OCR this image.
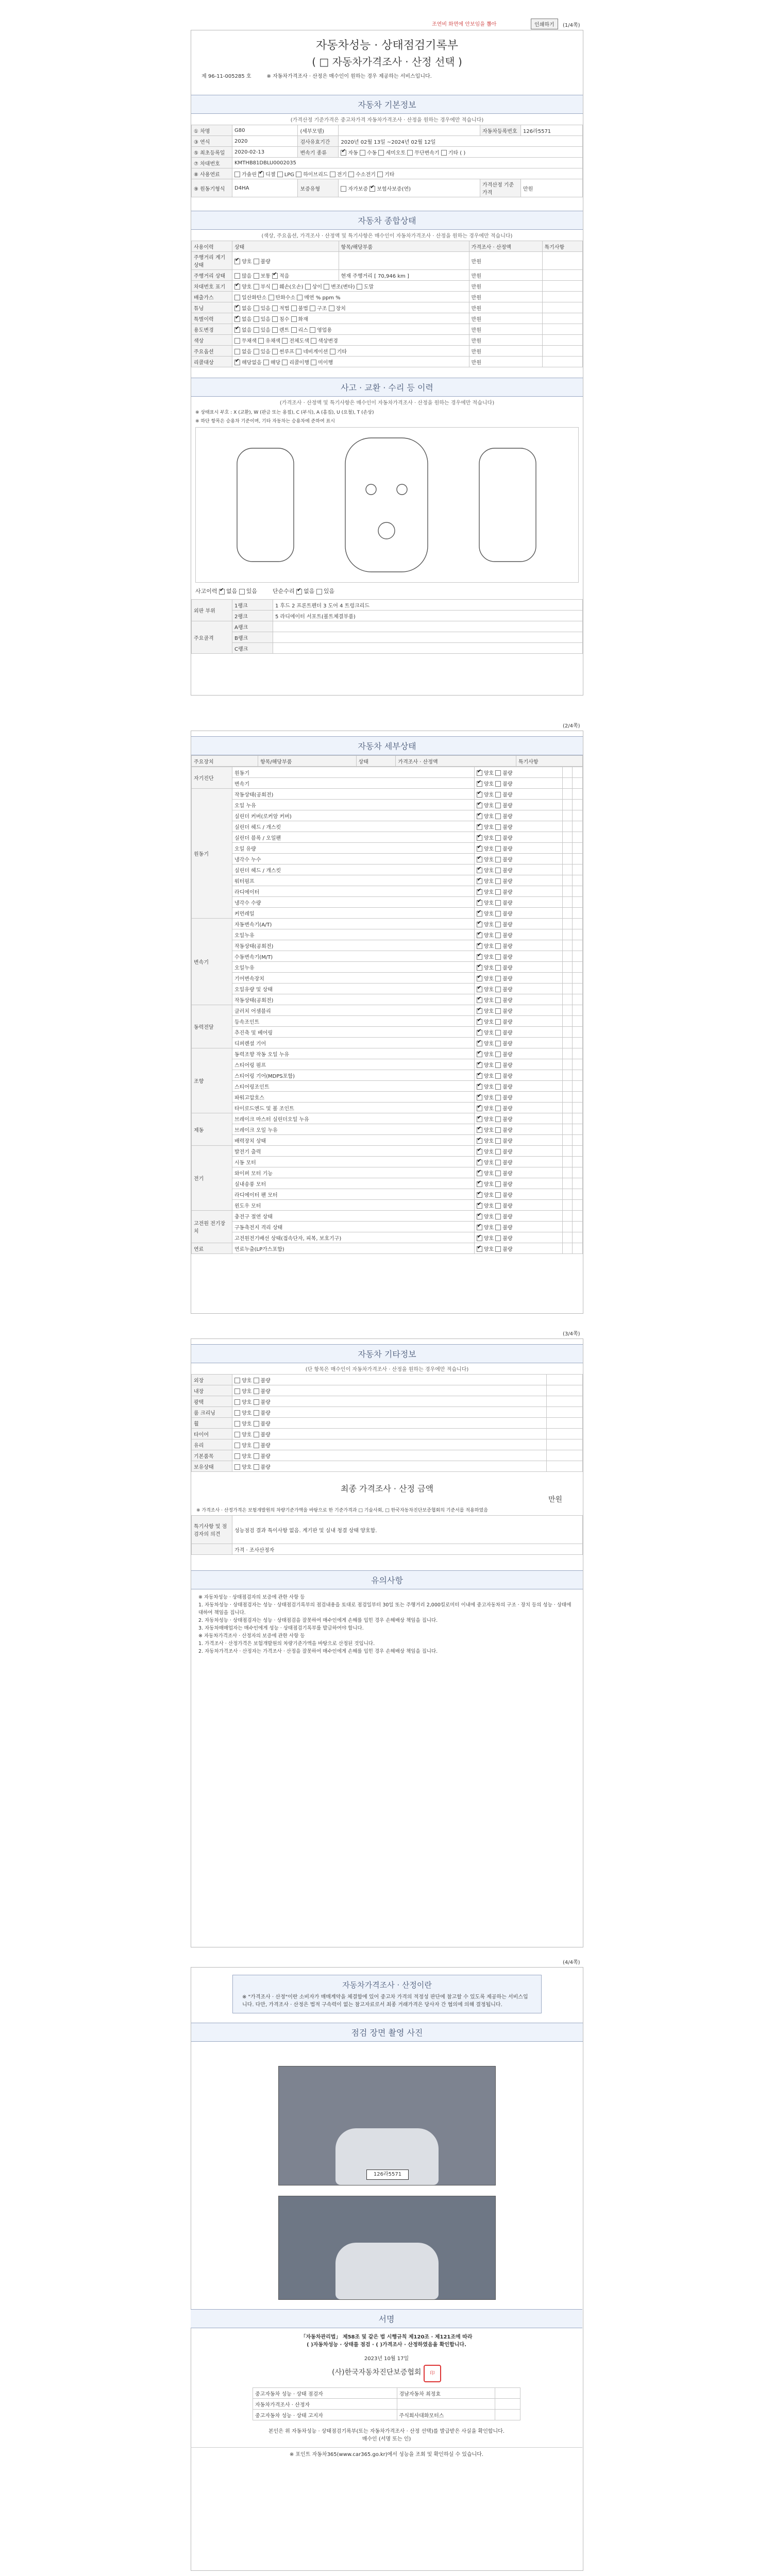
조연비 화면에 안보임을 뽑아	인쇄하기	(1/4쪽)
자동차성능 · 상태점검기록부
( □ 자동차가격조사 · 산정 선택 )
제 96-11-005285 호	※ 자동차가격조사 · 산정은 매수인이 원하는 경우 제공하는 서비스입니다.
자동차 기본정보
(가격산정 기준가격은 중고차가격 자동차가격조사 · 산정을 원하는 경우에만 적습니다)
① 차명	G80	(세부모델)		자동차등록번호	126라5571
③ 연식	2020	검사유효기간	2020년 02월 13일 ~2024년 02월 12일		
⑤ 최초등록일	2020-02-13	변속기 종류	✔자동 수동 세미오토 무단변속기 기타 ( )
⑦ 차대번호	KMTHB81DBLU0002035				
⑧ 사용연료	가솔린 ✔ 디젤 LPG 하이브리드 전기 수소전기 기타
⑨ 원동기형식	D4HA	보증유형	자가보증 ✔ 보험사보증(연)	가격산정 기준가격	만원
자동차 종합상태
(색상, 주요옵션, 가격조사 · 산정액 및 특기사항은 매수인이 자동차가격조사 · 산정을 원하는 경우에만 적습니다)
사용이력	상태	항목/해당부품	가격조사 · 산정액	특기사항
주행거리 계기상태	✔양호 불량		만원	
주행거리 상태	많음 보통 ✔ 적음	현재 주행거리 [ 70,946 km ]	만원	
차대번호 표기	✔양호 부식 훼손(오손) 상이 변조(변타) 도말		만원	
배출가스	일산화탄소 탄화수소 매연 % ppm %		만원	
튜닝	✔없음 있음 적법 불법 구조 장치		만원	
특별이력	✔없음 있음 침수 화재		만원	
용도변경	✔없음 있음 렌트 리스 영업용		만원	
색상	무채색 유채색 전체도색 색상변경		만원	
주요옵션	없음 있음 썬루프 네비게이션 기타		만원	
리콜대상	✔해당없음 해당 리콜이행 미이행		만원	
사고 · 교환 · 수리 등 이력
(가격조사 · 산정액 및 특기사항은 매수인이 자동차가격조사 · 산정을 원하는 경우에만 적습니다)
※ 상태표시 부호 : X (교환), W (판금 또는 용접), C (부식), A (흠집), U (요철), T (손상)
※ 하단 항목은 승용차 기준이며, 기타 자동차는 승용차에 준하여 표시
사고이력 ✔ 없음 있음	단순수리 ✔ 없음 있음
외판 부위	1랭크	1 후드 2 프론트펜더 3 도어 4 트렁크리드
	2랭크	5 라디에이터 서포트(볼트체결부품)
주요골격	A랭크	
	B랭크	
	C랭크	
(2/4쪽)
자동차 세부상태
주요장치	항목/해당부품	상태	가격조사 · 산정액	특기사항
자기진단	원동기	✔양호 불량		
	변속기	✔양호 불량		
원동기	작동상태(공회전)	✔양호 불량		
	오일 누유	✔양호 불량		
	실린더 커버(로커암 커버)	✔양호 불량		
	실린더 헤드 / 개스킷	✔양호 불량		
	실린더 블록 / 오일팬	✔양호 불량		
	오일 유량	✔양호 불량		
	냉각수 누수	✔양호 불량		
	실린더 헤드 / 개스킷	✔양호 불량		
	워터펌프	✔양호 불량		
	라디에이터	✔양호 불량		
	냉각수 수량	✔양호 불량		
	커먼레일	✔양호 불량		
변속기	자동변속기(A/T)	✔양호 불량		
	오일누유	✔양호 불량		
	작동상태(공회전)	✔양호 불량		
	수동변속기(M/T)	✔양호 불량		
	오일누유	✔양호 불량		
	기어변속장치	✔양호 불량		
	오일유량 및 상태	✔양호 불량		
	작동상태(공회전)	✔양호 불량		
동력전달	클러치 어셈블리	✔양호 불량		
	등속조인트	✔양호 불량		
	추진축 및 베어링	✔양호 불량		
	디퍼렌셜 기어	✔양호 불량		
조향	동력조향 작동 오일 누유	✔양호 불량		
	스티어링 펌프	✔양호 불량		
	스티어링 기어(MDPS포함)	✔양호 불량		
	스티어링조인트	✔양호 불량		
	파워고압호스	✔양호 불량		
	타이로드엔드 및 볼 조인트	✔양호 불량		
제동	브레이크 마스터 실린더오일 누유	✔양호 불량		
	브레이크 오일 누유	✔양호 불량		
	배력장치 상태	✔양호 불량		
전기	발전기 출력	✔양호 불량		
	시동 모터	✔양호 불량		
	와이퍼 모터 기능	✔양호 불량		
	실내송풍 모터	✔양호 불량		
	라디에이터 팬 모터	✔양호 불량		
	윈도우 모터	✔양호 불량		
고전원 전기장치	충전구 절연 상태	✔양호 불량		
	구동축전지 격리 상태	✔양호 불량		
	고전원전기배선 상태(접속단자, 피복, 보호기구)	✔양호 불량		
연료	연료누출(LP가스포함)	✔양호 불량		
(3/4쪽)
자동차 기타정보
(단 항목은 매수인이 자동차가격조사 · 산정을 원하는 경우에만 적습니다)
외장	양호 불량	
내장	양호 불량	
광택	양호 불량	
룸 크리닝	양호 불량	
휠	양호 불량	
타이어	양호 불량	
유리	양호 불량	
기본품목	양호 불량	
보유상태	양호 불량	
최종 가격조사 · 산정 금액
만원
※ 가격조사 · 산정가격은 보험개발원의 차량기준가액을 바탕으로 한 기준가격과 □ 기술사회, □ 한국자동차진단보증협회의 기준서를 적용하였음
특기사항 및 점검자의 의견	성능점검 결과 특이사항 없음. 계기판 및 실내 청결 상태 양호함.
	가격 · 조사산정자
유의사항
※ 자동차성능 · 상태점검자의 보증에 관한 사항 등
1. 자동차성능 · 상태점검자는 성능 · 상태점검기록부의 점검내용을 토대로 점검일부터 30일 또는 주행거리 2,000킬로미터 이내에 중고자동차의 구조 · 장치 등의 성능 · 상태에 대하여 책임을 집니다.
2. 자동차성능 · 상태점검자는 성능 · 상태점검을 잘못하여 매수인에게 손해를 입힌 경우 손해배상 책임을 집니다.
3. 자동차매매업자는 매수인에게 성능 · 상태점검기록부를 발급하여야 합니다.
※ 자동차가격조사 · 산정자의 보증에 관한 사항 등
1. 가격조사 · 산정가격은 보험개발원의 차량기준가액을 바탕으로 산정된 것입니다.
2. 자동차가격조사 · 산정자는 가격조사 · 산정을 잘못하여 매수인에게 손해를 입힌 경우 손해배상 책임을 집니다.
(4/4쪽)
자동차가격조사 · 산정이란
※ "가격조사 · 산정"이란 소비자가 매매계약을 체결함에 있어 중고차 가격의 적정성 판단에 참고할 수 있도록 제공하는 서비스입니다. 다만, 가격조사 · 산정은 법적 구속력이 없는 참고자료로서 최종 거래가격은 당사자 간 협의에 의해 결정됩니다.
점검 장면 촬영 사진
126라5571
서명
「자동차관리법」 제58조 및 같은 법 시행규칙 제120조 · 제121조에 따라
( )자동차성능 · 상태를 점검 · ( )가격조사 · 산정하였음을 확인합니다.
2023년 10월 17일
(사)한국자동차진단보증협회 印
중고자동차 성능 · 상태 점검자	경남자동차 최정효	
자동차가격조사 · 산정자		
중고자동차 성능 · 상태 고지자	주식회사대화모터스	
본인은 위 자동차성능 · 상태점검기록부(또는 자동차가격조사 · 산정 선택)를 발급받은 사실을 확인합니다.
매수인 (서명 또는 인)
※ 포인트 자동차365(www.car365.go.kr)에서 성능을 조회 및 확인하실 수 있습니다.
